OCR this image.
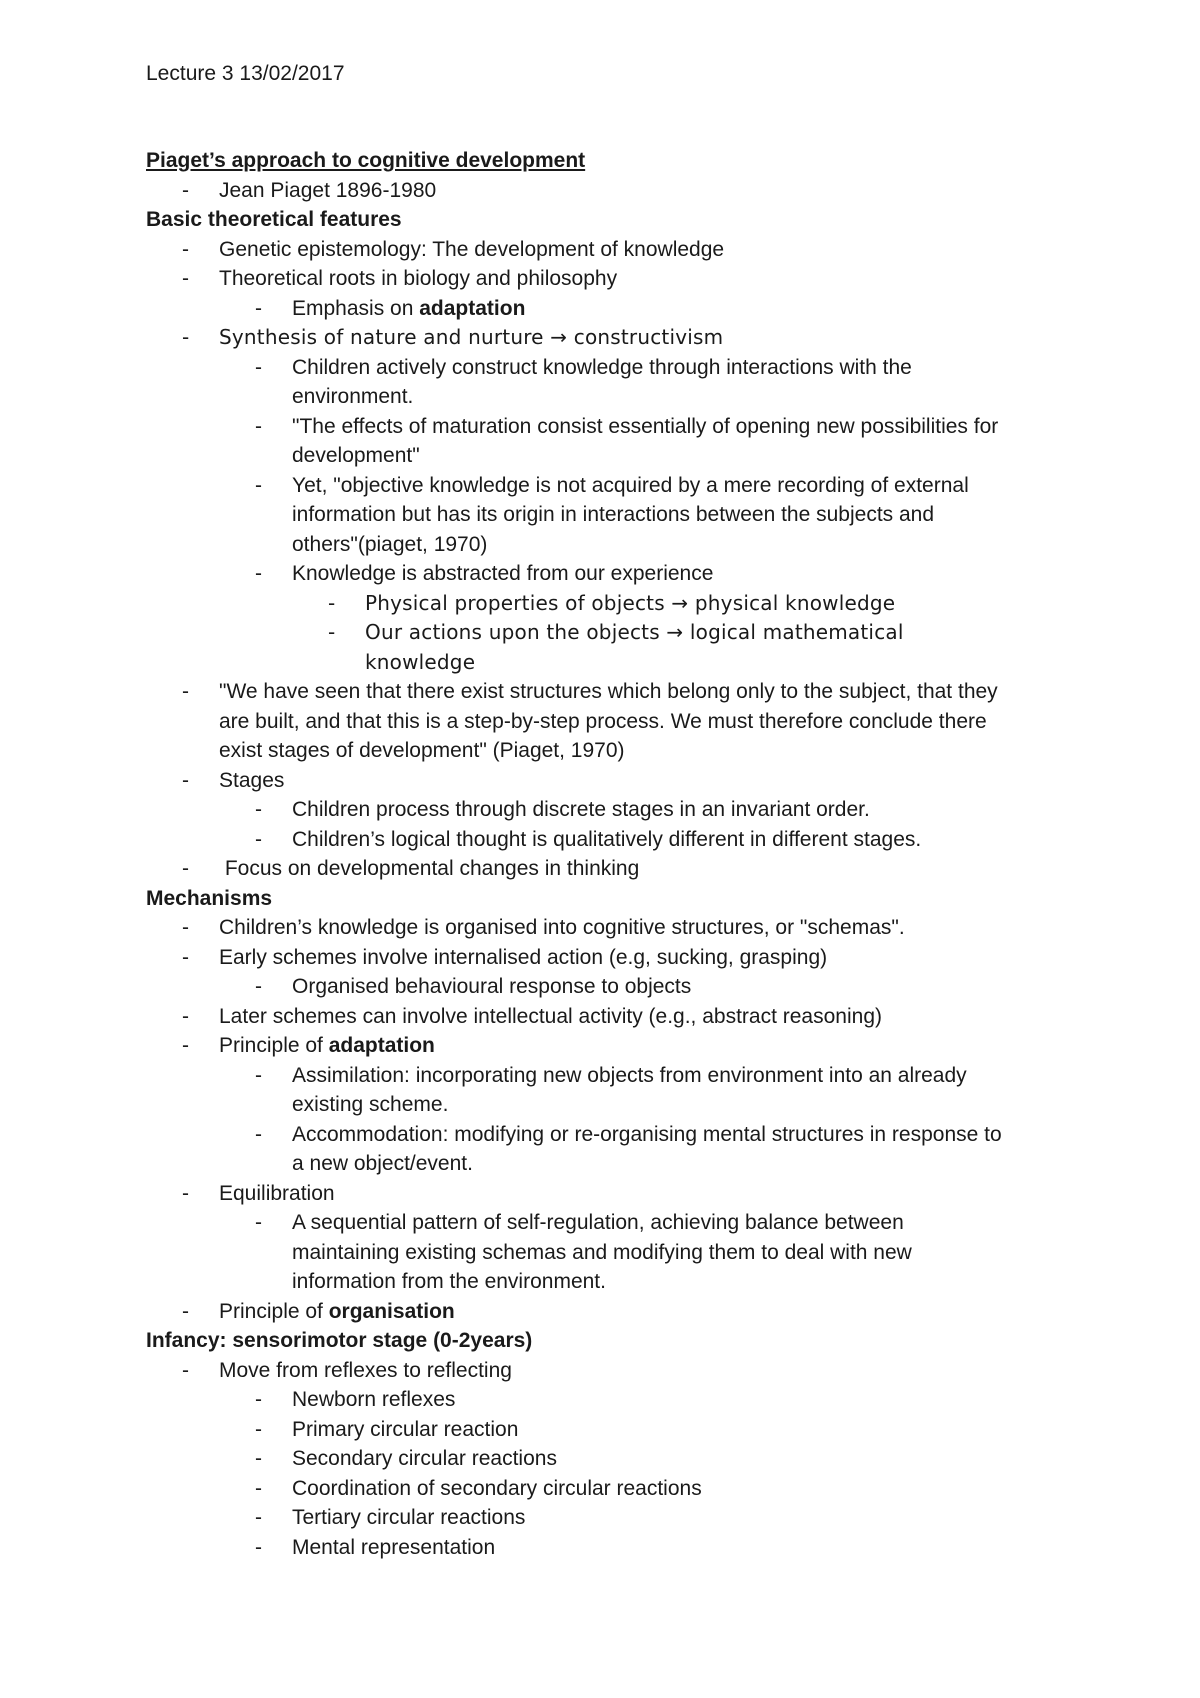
Lecture 3 13/02/2017
Piaget’s approach to cognitive development
- Jean Piaget 1896-1980
Basic theoretical features
- Genetic epistemology: The development of knowledge
- Theoretical roots in biology and philosophy
- Emphasis on adaptation
- Synthesis of nature and nurture → constructivism
- Children actively construct knowledge through interactions with the
environment.
- "The effects of maturation consist essentially of opening new possibilities for
development"
- Yet, "objective knowledge is not acquired by a mere recording of external
information but has its origin in interactions between the subjects and
others"(piaget, 1970)
- Knowledge is abstracted from our experience
- Physical properties of objects → physical knowledge
- Our actions upon the objects → logical mathematical
knowledge
- "We have seen that there exist structures which belong only to the subject, that they
are built, and that this is a step-by-step process. We must therefore conclude there
exist stages of development" (Piaget, 1970)
- Stages
- Children process through discrete stages in an invariant order.
- Children’s logical thought is qualitatively different in different stages.
- Focus on developmental changes in thinking
Mechanisms
- Children’s knowledge is organised into cognitive structures, or "schemas".
- Early schemes involve internalised action (e.g, sucking, grasping)
- Organised behavioural response to objects
- Later schemes can involve intellectual activity (e.g., abstract reasoning)
- Principle of adaptation
- Assimilation: incorporating new objects from environment into an already
existing scheme.
- Accommodation: modifying or re-organising mental structures in response to
a new object/event.
- Equilibration
- A sequential pattern of self-regulation, achieving balance between
maintaining existing schemas and modifying them to deal with new
information from the environment.
- Principle of organisation
Infancy: sensorimotor stage (0-2years)
- Move from reflexes to reflecting
- Newborn reflexes
- Primary circular reaction
- Secondary circular reactions
- Coordination of secondary circular reactions
- Tertiary circular reactions
- Mental representation
